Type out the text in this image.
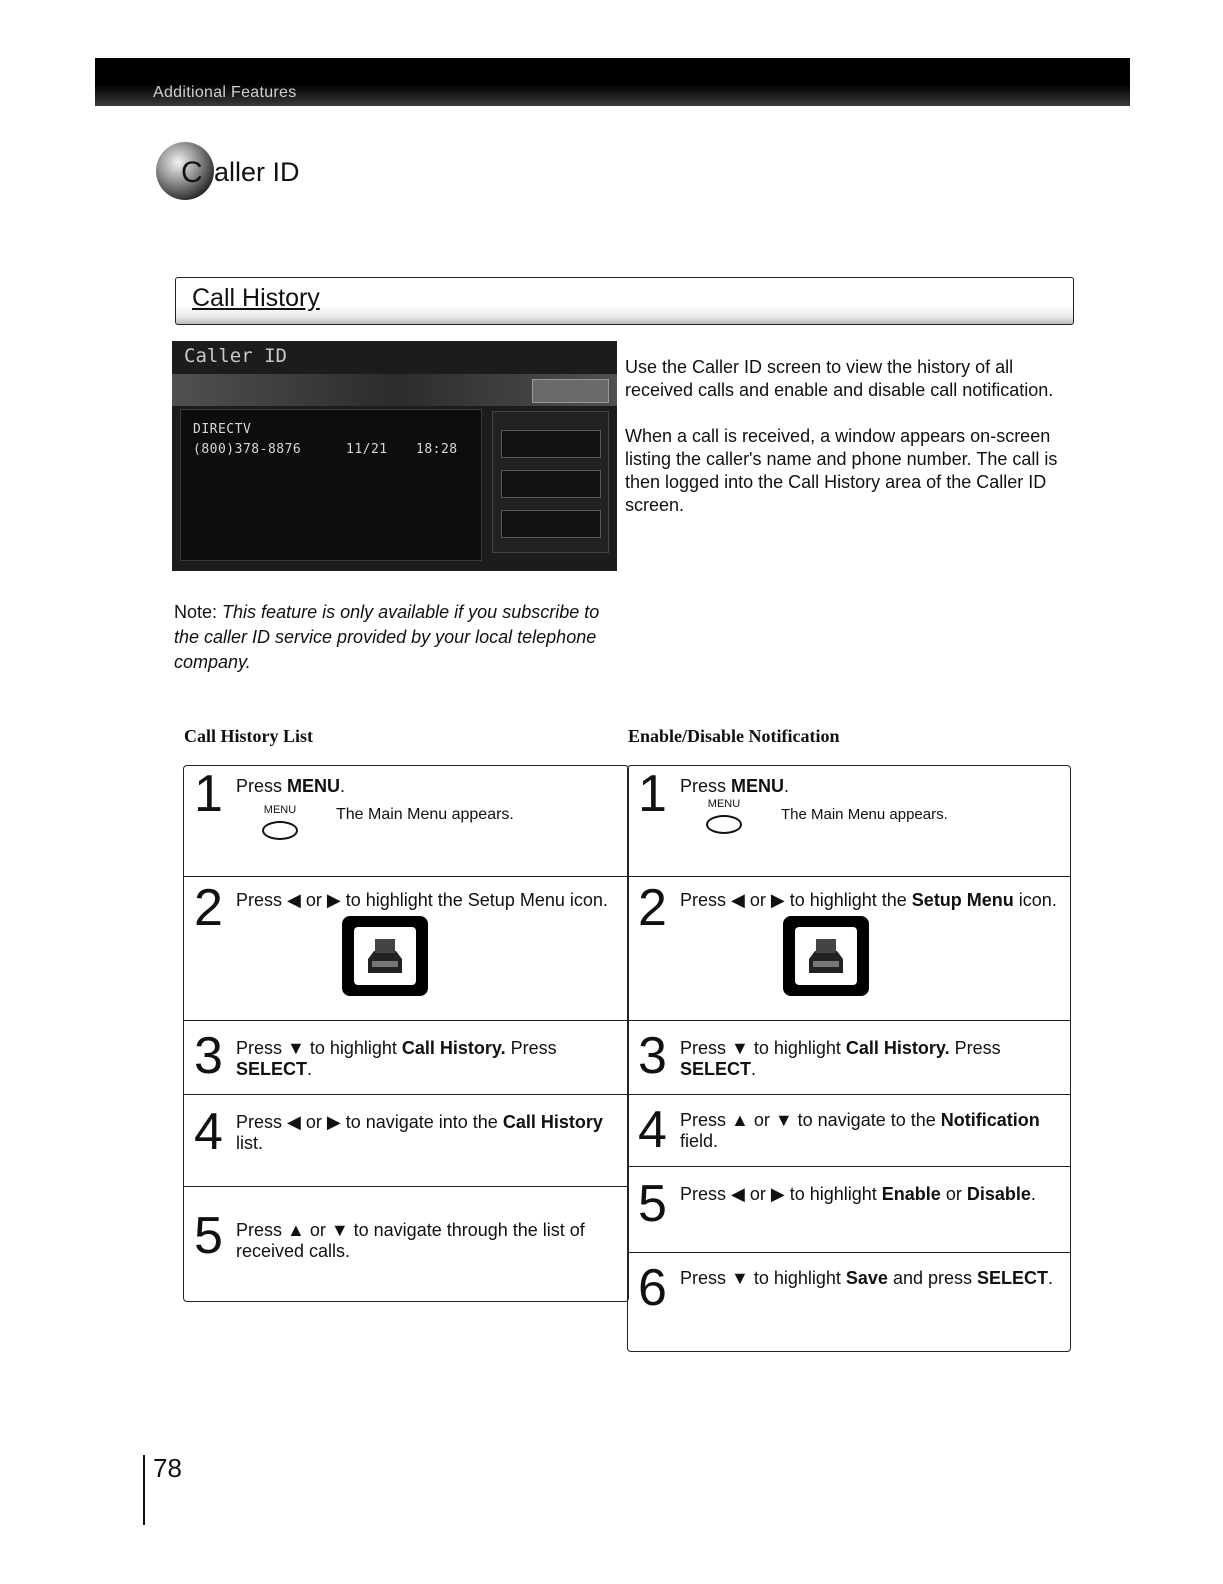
Additional Features
C aller ID
Call History
Caller ID
DIRECTV
(800)378-8876	11/21 18:28

Use the Caller ID screen to view the history of all received calls and enable and disable call notification.

When a call is received, a window appears on-screen listing the caller's name and phone number. The call is then logged into the Call History area of the Caller ID screen.

Note: This feature is only available if you subscribe to the caller ID service provided by your local telephone company.
Call History List	Enable/Disable Notification
1 Press MENU.
MENU The Main Menu appears.
2 Press ◀ or ▶ to highlight the Setup Menu icon.
3 Press ▼ to highlight Call History. Press SELECT.
4 Press ◀ or ▶ to navigate into the Call History list.
5 Press ▲ or ▼ to navigate through the list of received calls.
1 Press MENU.
MENU
The Main Menu appears.
2 Press ◀ or ▶ to highlight the Setup Menu icon.
3 Press ▼ to highlight Call History. Press SELECT.
4 Press ▲ or ▼ to navigate to the Notification field.
5 Press ◀ or ▶ to highlight Enable or Disable.
6 Press ▼ to highlight Save and press SELECT.
78
